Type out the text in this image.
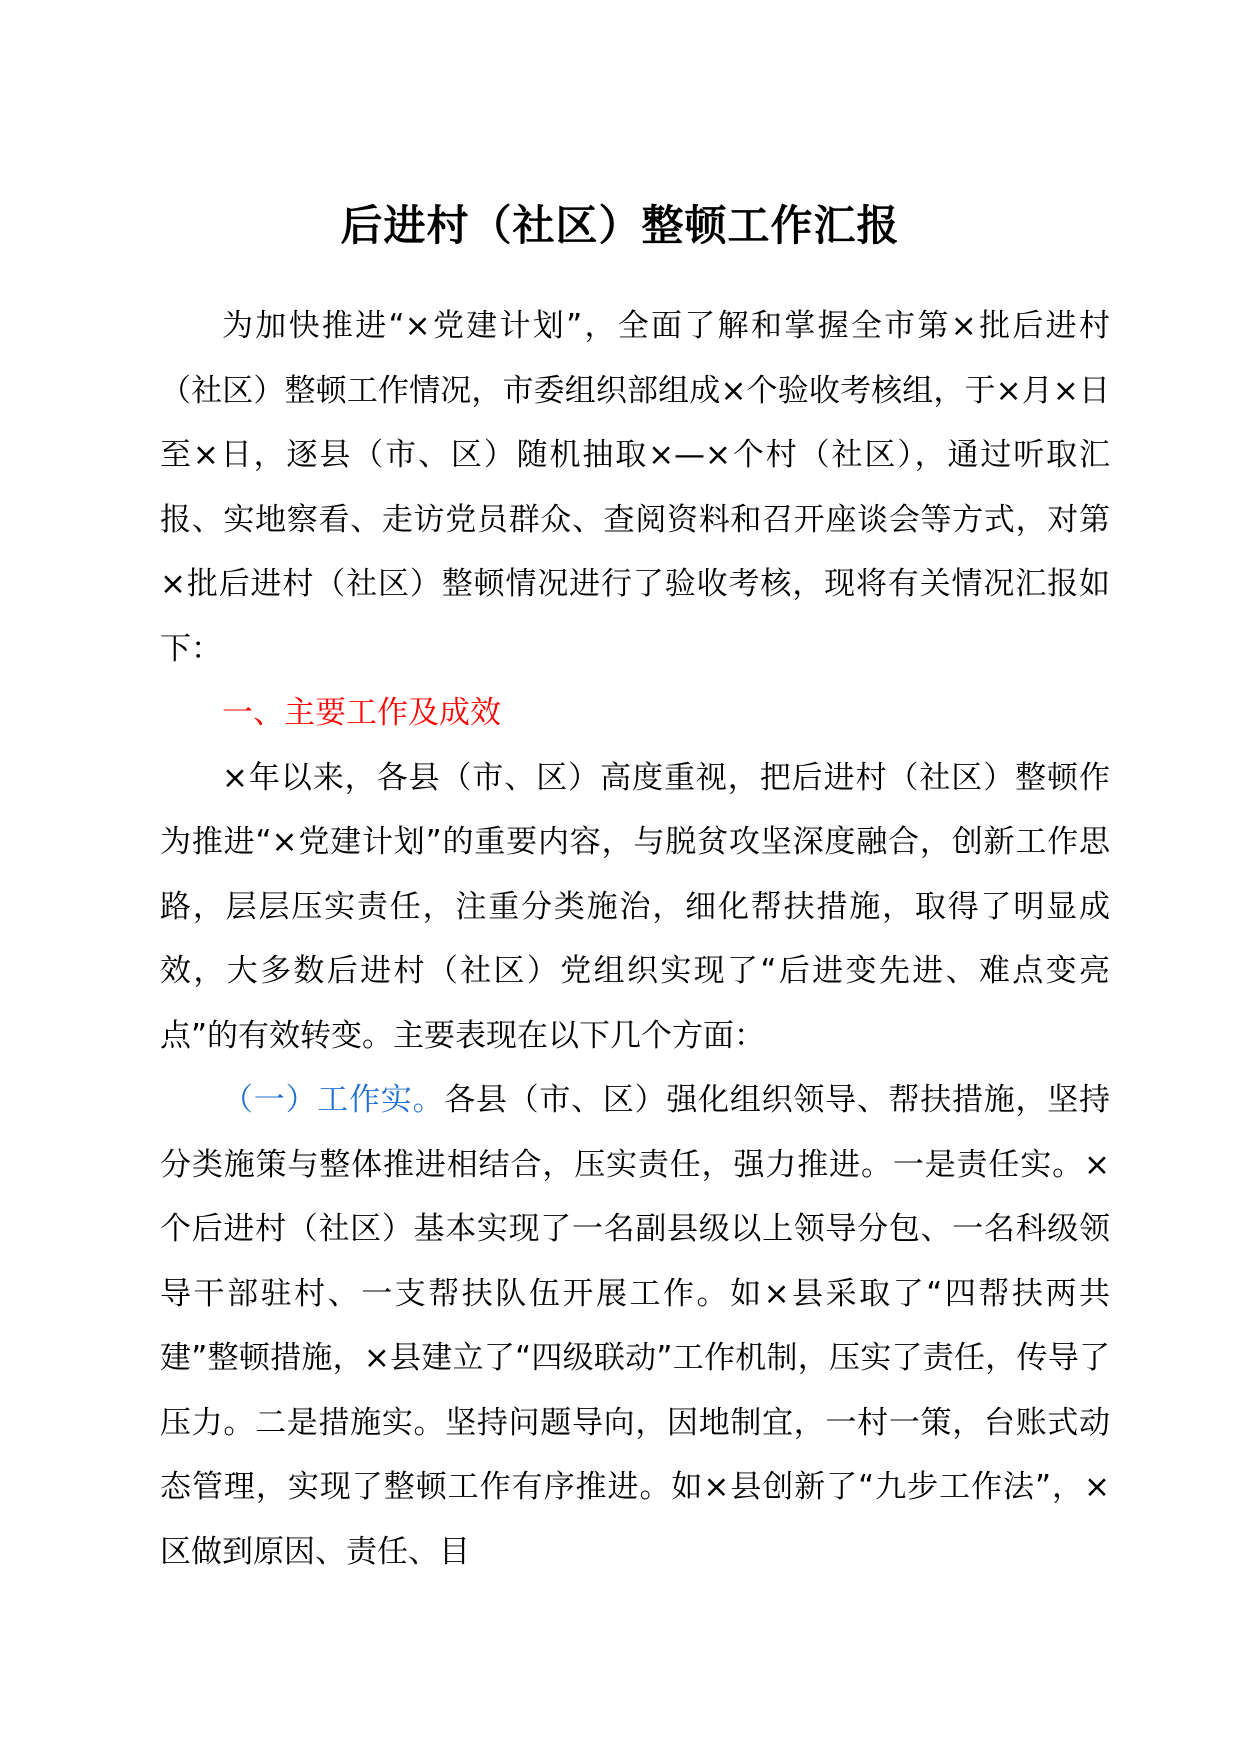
后进村（社区）整顿工作汇报

为加快推进“×党建计划”，全面了解和掌握全市第×批后进村（社区）整顿工作情况，市委组织部组成×个验收考核组，于×月×日至×日，逐县（市、区）随机抽取×—×个村（社区），通过听取汇报、实地察看、走访党员群众、查阅资料和召开座谈会等方式，对第×批后进村（社区）整顿情况进行了验收考核，现将有关情况汇报如下：

一、主要工作及成效

×年以来，各县（市、区）高度重视，把后进村（社区）整顿作为推进“×党建计划”的重要内容，与脱贫攻坚深度融合，创新工作思路，层层压实责任，注重分类施治，细化帮扶措施，取得了明显成效，大多数后进村（社区）党组织实现了“后进变先进、难点变亮点”的有效转变。主要表现在以下几个方面：

（一）工作实。各县（市、区）强化组织领导、帮扶措施，坚持分类施策与整体推进相结合，压实责任，强力推进。一是责任实。×个后进村（社区）基本实现了一名副县级以上领导分包、一名科级领导干部驻村、一支帮扶队伍开展工作。如×县采取了“四帮扶两共建”整顿措施，×县建立了“四级联动”工作机制，压实了责任，传导了压力。二是措施实。坚持问题导向，因地制宜，一村一策，台账式动态管理，实现了整顿工作有序推进。如×县创新了“九步工作法”，×区做到原因、责任、目
